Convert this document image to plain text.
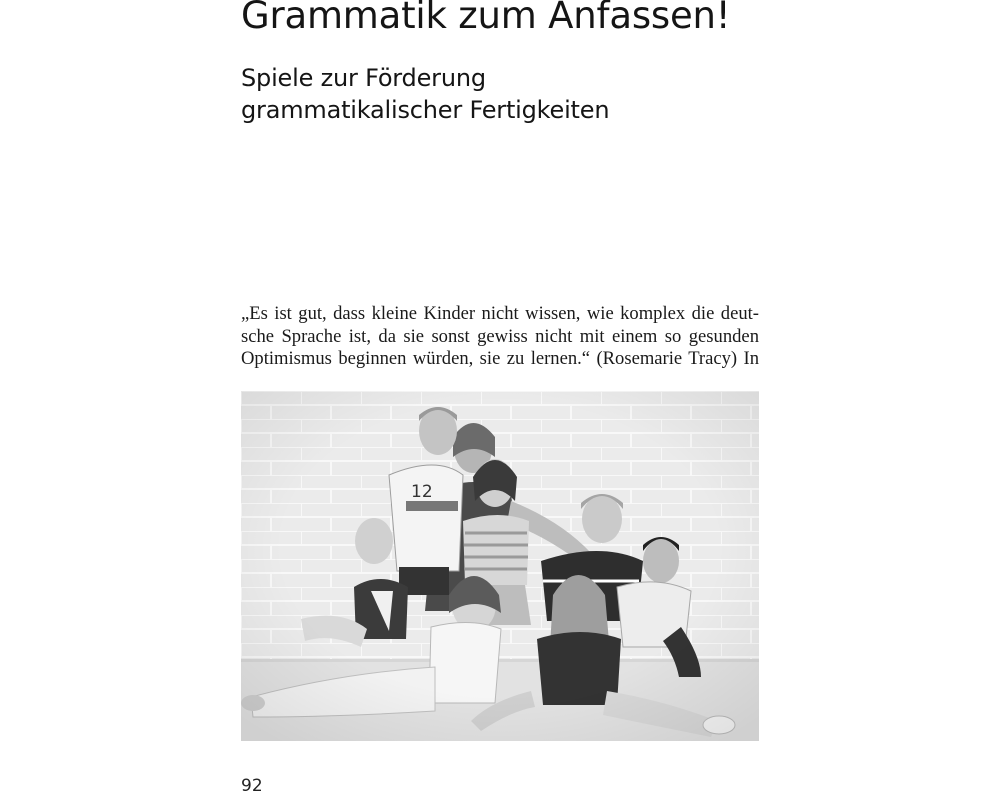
Grammatik zum Anfassen!
Spiele zur Förderung
grammatikalischer Fertigkeiten

„Es ist gut, dass kleine Kinder nicht wissen, wie komplex die deut-
sche Sprache ist, da sie sonst gewiss nicht mit einem so gesunden
Optimismus beginnen würden, sie zu lernen.“ (Rosemarie Tracy) In

92
